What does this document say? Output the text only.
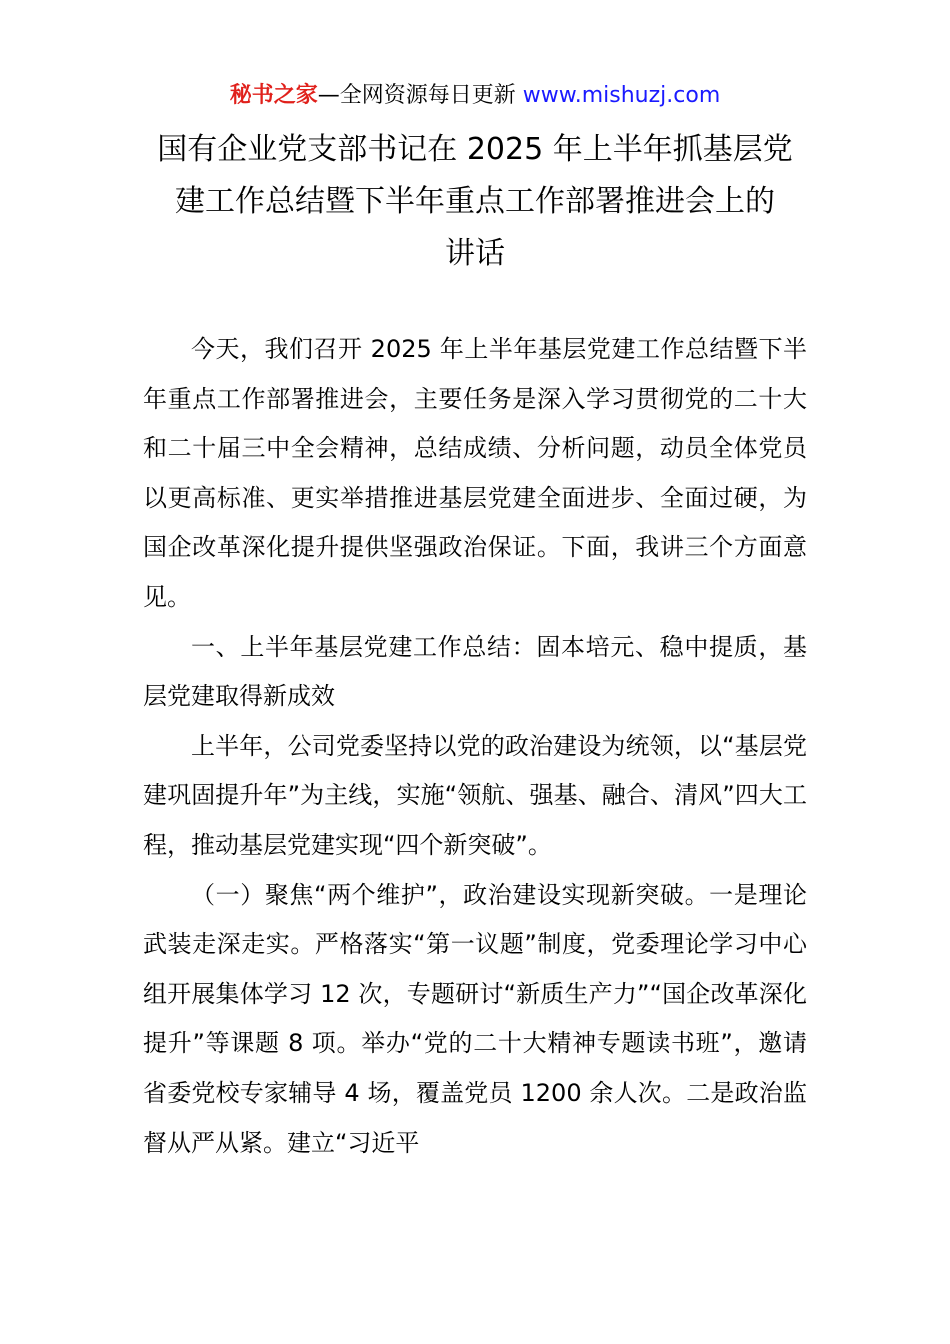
秘书之家—全网资源每日更新 www.mishuzj.com
国有企业党支部书记在 2025 年上半年抓基层党
建工作总结暨下半年重点工作部署推进会上的
讲话

今天，我们召开 2025 年上半年基层党建工作总结暨下半年重点工作部署推进会，主要任务是深入学习贯彻党的二十大和二十届三中全会精神，总结成绩、分析问题，动员全体党员以更高标准、更实举措推进基层党建全面进步、全面过硬，为国企改革深化提升提供坚强政治保证。下面，我讲三个方面意见。

一、上半年基层党建工作总结：固本培元、稳中提质，基层党建取得新成效

上半年，公司党委坚持以党的政治建设为统领，以“基层党建巩固提升年”为主线，实施“领航、强基、融合、清风”四大工程，推动基层党建实现“四个新突破”。

（一）聚焦“两个维护”，政治建设实现新突破。一是理论武装走深走实。严格落实“第一议题”制度，党委理论学习中心组开展集体学习 12 次，专题研讨“新质生产力”“国企改革深化提升”等课题 8 项。举办“党的二十大精神专题读书班”，邀请省委党校专家辅导 4 场，覆盖党员 1200 余人次。二是政治监督从严从紧。建立“习近平
